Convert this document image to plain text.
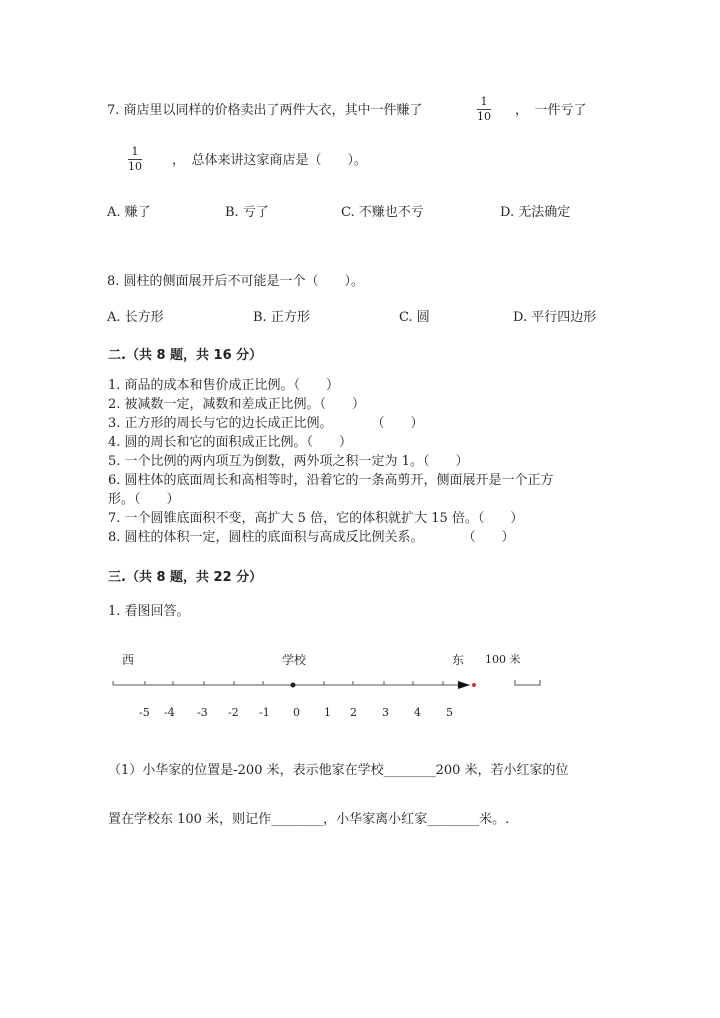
7. 商店里以同样的价格卖出了两件大衣，其中一件赚了	$\frac{1}{10}$ ，　一件亏了
$\frac{1}{10}$ ，　总体来讲这家商店是（　　）。
A. 赚了	B. 亏了	C. 不赚也不亏	D. 无法确定
8. 圆柱的侧面展开后不可能是一个（　　）。
A. 长方形	B. 正方形	C. 圆	D. 平行四边形
二.（共 8 题，共 16 分）
1. 商品的成本和售价成正比例。（　　）
2. 被减数一定，减数和差成正比例。（　　）
3. 正方形的周长与它的边长成正比例。　　　　（　　）
4. 圆的周长和它的面积成正比例。（　　）
5. 一个比例的两内项互为倒数，两外项之积一定为 1。（　　）
6. 圆柱体的底面周长和高相等时，沿着它的一条高剪开，侧面展开是一个正方
形。（　　）
7. 一个圆锥底面积不变，高扩大 5 倍，它的体积就扩大 15 倍。（　　）
8. 圆柱的体积一定，圆柱的底面积与高成反比例关系。　　　　（　　）
三.（共 8 题，共 22 分）
1. 看图回答。
西	学校	东 100 米
-5 -4 -3 -2 -1 0 1 2 3 4 5
（1）小华家的位置是-200 米，表示他家在学校________200 米，若小红家的位
置在学校东 100 米，则记作________，小华家离小红家________米。.
